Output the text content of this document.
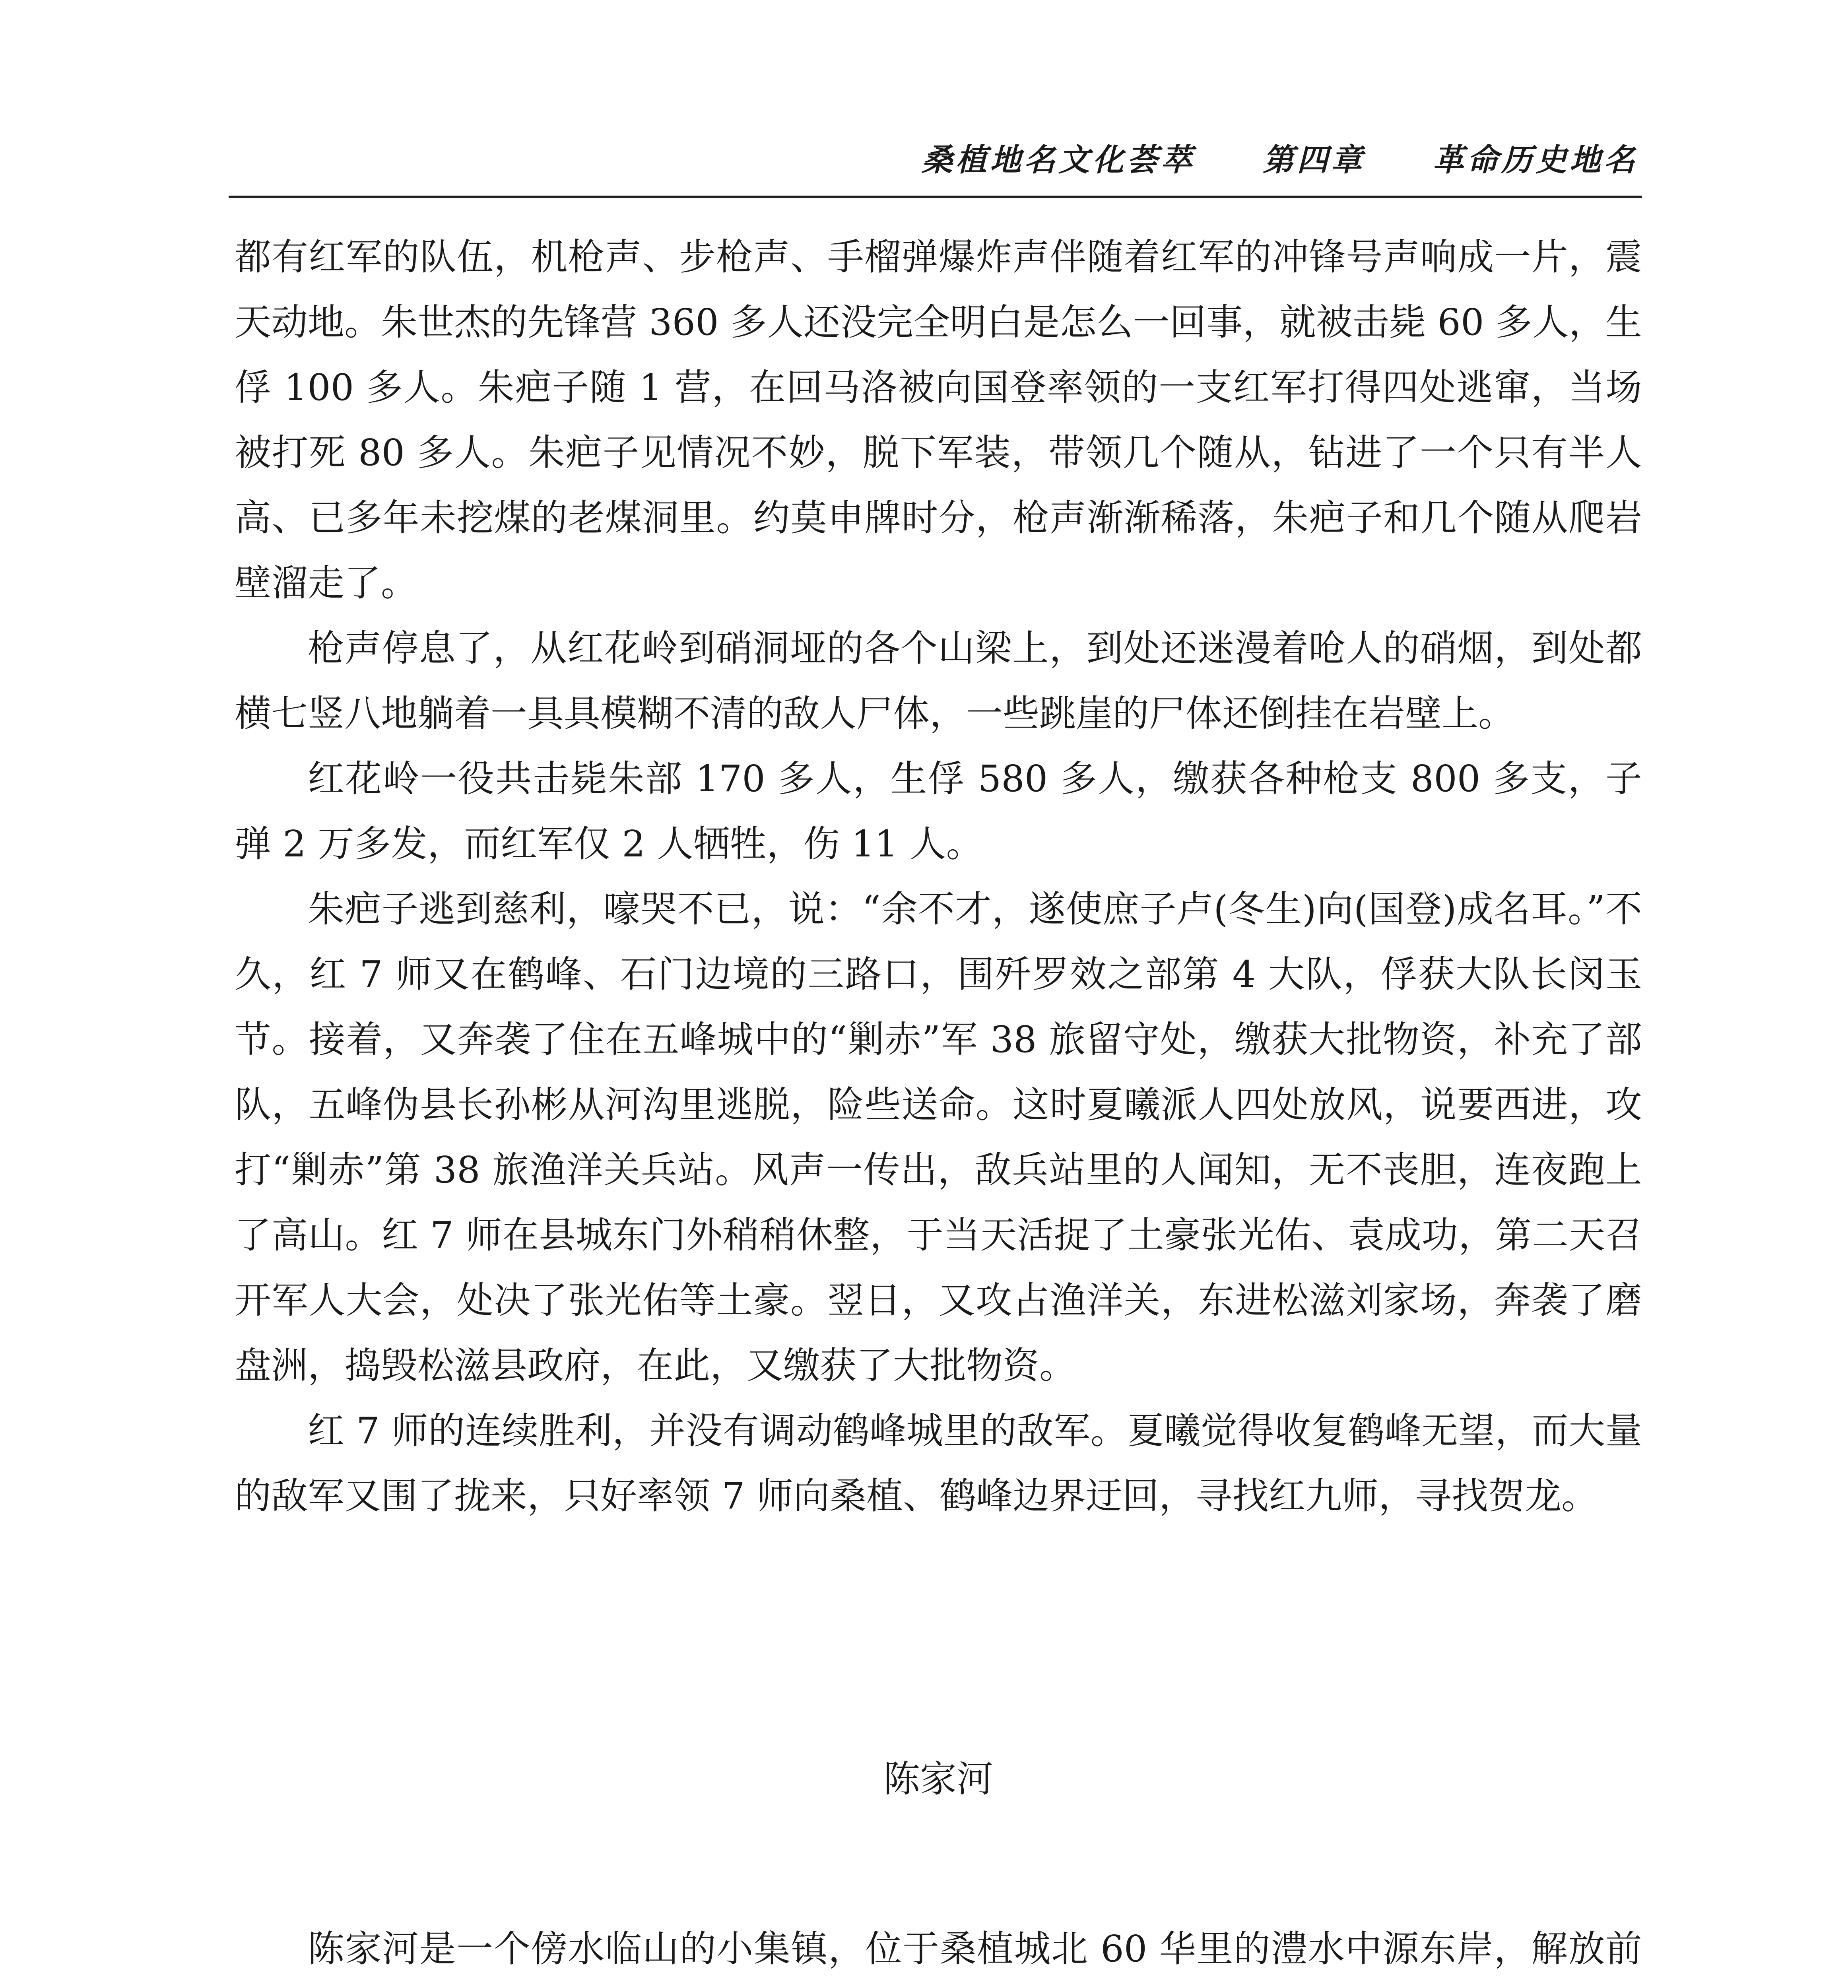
桑植地名文化荟萃 第四章 革命历史地名

都有红军的队伍，机枪声、步枪声、手榴弹爆炸声伴随着红军的冲锋号声响成一片，震天动地。朱世杰的先锋营 360 多人还没完全明白是怎么一回事，就被击毙 60 多人，生俘 100 多人。朱疤子随 1 营，在回马洛被向国登率领的一支红军打得四处逃窜，当场被打死 80 多人。朱疤子见情况不妙，脱下军装，带领几个随从，钻进了一个只有半人高、已多年未挖煤的老煤洞里。约莫申牌时分，枪声渐渐稀落，朱疤子和几个随从爬岩壁溜走了。

枪声停息了，从红花岭到硝洞垭的各个山梁上，到处还迷漫着呛人的硝烟，到处都横七竖八地躺着一具具模糊不清的敌人尸体，一些跳崖的尸体还倒挂在岩壁上。

红花岭一役共击毙朱部 170 多人，生俘 580 多人，缴获各种枪支 800 多支，子弹 2 万多发，而红军仅 2 人牺牲，伤 11 人。

朱疤子逃到慈利，嚎哭不已，说：“余不才，遂使庶子卢(冬生)向(国登)成名耳。”不久，红 7 师又在鹤峰、石门边境的三路口，围歼罗效之部第 4 大队，俘获大队长闵玉节。接着，又奔袭了住在五峰城中的“剿赤”军 38 旅留守处，缴获大批物资，补充了部队，五峰伪县长孙彬从河沟里逃脱，险些送命。这时夏曦派人四处放风，说要西进，攻打“剿赤”第 38 旅渔洋关兵站。风声一传出，敌兵站里的人闻知，无不丧胆，连夜跑上了高山。红 7 师在县城东门外稍稍休整，于当天活捉了土豪张光佑、袁成功，第二天召开军人大会，处决了张光佑等土豪。翌日，又攻占渔洋关，东进松滋刘家场，奔袭了磨盘洲，捣毁松滋县政府，在此，又缴获了大批物资。

红 7 师的连续胜利，并没有调动鹤峰城里的敌军。夏曦觉得收复鹤峰无望，而大量的敌军又围了拢来，只好率领 7 师向桑植、鹤峰边界迂回，寻找红九师，寻找贺龙。

陈家河

陈家河是一个傍水临山的小集镇，位于桑植城北 60 华里的澧水中源东岸，解放前
